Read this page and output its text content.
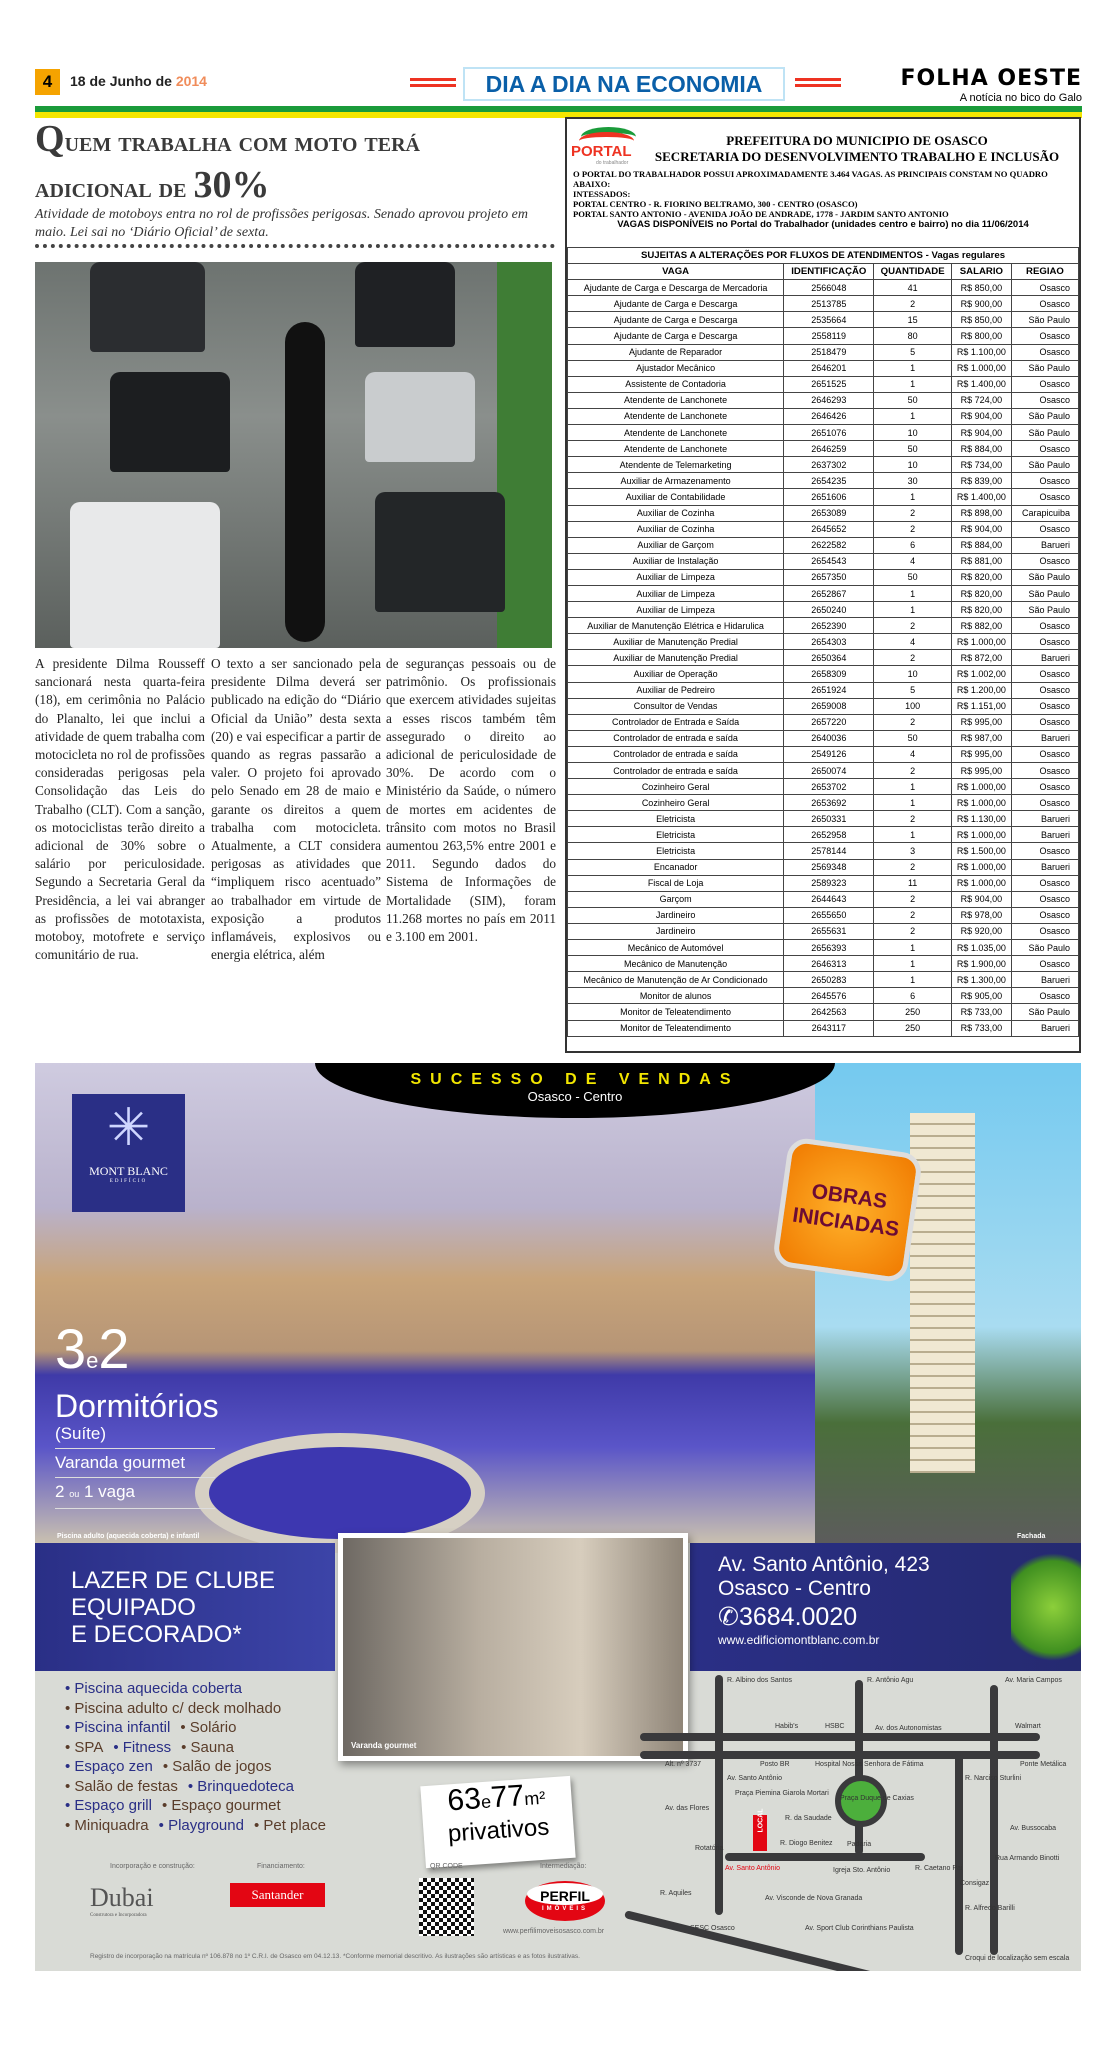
4	18 de Junho de 2014	DIA A DIA NA ECONOMIA	FOLHA OESTE
A notícia no bico do Galo
Quem trabalha com moto terá
adicional de 30%
Atividade de motoboys entra no rol de profissões perigosas. Senado aprovou projeto em maio. Lei sai no ‘Diário Oficial’ de sexta.
A presidente Dilma Rousseff sancionará nesta quarta-feira (18), em cerimônia no Palácio do Planalto, lei que inclui a atividade de quem trabalha com motocicleta no rol de profissões consideradas perigosas pela Consolidação das Leis do Trabalho (CLT). Com a sanção, os motociclistas terão direito a adicional de 30% sobre o salário por periculosidade. Segundo a Secretaria Geral da Presidência, a lei vai abranger as profissões de mototaxista, motoboy, motofrete e serviço comunitário de rua.
O texto a ser sancionado pela presidente Dilma deverá ser publicado na edição do “Diário Oficial da União” desta sexta (20) e vai especificar a partir de quando as regras passarão a valer. O projeto foi aprovado pelo Senado em 28 de maio e garante os direitos a quem trabalha com motocicleta. Atualmente, a CLT considera perigosas as atividades que “impliquem risco acentuado” ao trabalhador em virtude de exposição a produtos inflamáveis, explosivos ou energia elétrica, além
de seguranças pessoais ou de patrimônio. Os profissionais que exercem atividades sujeitas a esses riscos também têm assegurado o direito ao adicional de periculosidade de 30%. De acordo com o Ministério da Saúde, o número de mortes em acidentes de trânsito com motos no Brasil aumentou 263,5% entre 2001 e 2011. Segundo dados do Sistema de Informações de Mortalidade (SIM), foram 11.268 mortes no país em 2011 e 3.100 em 2001.
PORTAL
do trabalhador
PREFEITURA DO MUNICIPIO DE OSASCO
SECRETARIA DO DESENVOLVIMENTO TRABALHO E INCLUSÃO
O PORTAL DO TRABALHADOR POSSUI APROXIMADAMENTE 3.464 VAGAS. AS PRINCIPAIS CONSTAM NO QUADRO ABAIXO:
INTESSADOS:
PORTAL CENTRO - R. FIORINO BELTRAMO, 300 - CENTRO (OSASCO)
PORTAL SANTO ANTONIO - AVENIDA JOÃO DE ANDRADE, 1778 - JARDIM SANTO ANTONIO
VAGAS DISPONÍVEIS no Portal do Trabalhador (unidades centro e bairro) no dia 11/06/2014
SUJEITAS A ALTERAÇÕES POR FLUXOS DE ATENDIMENTOS - Vagas regulares				
VAGA	IDENTIFICAÇÃO	QUANTIDADE	SALARIO	REGIAO
Ajudante de Carga e Descarga de Mercadoria	2566048	41	R$ 850,00	Osasco
Ajudante de Carga e Descarga	2513785	2	R$ 900,00	Osasco
Ajudante de Carga e Descarga	2535664	15	R$ 850,00	São Paulo
Ajudante de Carga e Descarga	2558119	80	R$ 800,00	Osasco
Ajudante de Reparador	2518479	5	R$ 1.100,00	Osasco
Ajustador Mecânico	2646201	1	R$ 1.000,00	São Paulo
Assistente de Contadoria	2651525	1	R$ 1.400,00	Osasco
Atendente de Lanchonete	2646293	50	R$ 724,00	Osasco
Atendente de Lanchonete	2646426	1	R$ 904,00	São Paulo
Atendente de Lanchonete	2651076	10	R$ 904,00	São Paulo
Atendente de Lanchonete	2646259	50	R$ 884,00	Osasco
Atendente de Telemarketing	2637302	10	R$ 734,00	São Paulo
Auxiliar de Armazenamento	2654235	30	R$ 839,00	Osasco
Auxiliar de Contabilidade	2651606	1	R$ 1.400,00	Osasco
Auxiliar de Cozinha	2653089	2	R$ 898,00	Carapicuiba
Auxiliar de Cozinha	2645652	2	R$ 904,00	Osasco
Auxiliar de Garçom	2622582	6	R$ 884,00	Barueri
Auxiliar de Instalação	2654543	4	R$ 881,00	Osasco
Auxiliar de Limpeza	2657350	50	R$ 820,00	São Paulo
Auxiliar de Limpeza	2652867	1	R$ 820,00	São Paulo
Auxiliar de Limpeza	2650240	1	R$ 820,00	São Paulo
Auxiliar de Manutenção Elétrica e Hidarulica	2652390	2	R$ 882,00	Osasco
Auxiliar de Manutenção Predial	2654303	4	R$ 1.000,00	Osasco
Auxiliar de Manutenção Predial	2650364	2	R$ 872,00	Barueri
Auxiliar de Operação	2658309	10	R$ 1.002,00	Osasco
Auxiliar de Pedreiro	2651924	5	R$ 1.200,00	Osasco
Consultor de Vendas	2659008	100	R$ 1.151,00	Osasco
Controlador de Entrada e Saída	2657220	2	R$ 995,00	Osasco
Controlador de entrada e saída	2640036	50	R$ 987,00	Barueri
Controlador de entrada e saída	2549126	4	R$ 995,00	Osasco
Controlador de entrada e saída	2650074	2	R$ 995,00	Osasco
Cozinheiro Geral	2653702	1	R$ 1.000,00	Osasco
Cozinheiro Geral	2653692	1	R$ 1.000,00	Osasco
Eletricista	2650331	2	R$ 1.130,00	Barueri
Eletricista	2652958	1	R$ 1.000,00	Barueri
Eletricista	2578144	3	R$ 1.500,00	Osasco
Encanador	2569348	2	R$ 1.000,00	Barueri
Fiscal de Loja	2589323	11	R$ 1.000,00	Osasco
Garçom	2644643	2	R$ 904,00	Osasco
Jardineiro	2655650	2	R$ 978,00	Osasco
Jardineiro	2655631	2	R$ 920,00	Osasco
Mecânico de Automóvel	2656393	1	R$ 1.035,00	São Paulo
Mecânico de Manutenção	2646313	1	R$ 1.900,00	Osasco
Mecânico de Manutenção de Ar Condicionado	2650283	1	R$ 1.300,00	Barueri
Monitor de alunos	2645576	6	R$ 905,00	Osasco
Monitor de Teleatendimento	2642563	250	R$ 733,00	São Paulo
Monitor de Teleatendimento	2643117	250	R$ 733,00	Barueri
SUCESSO DE VENDAS
Osasco - Centro
✳
MONT BLANC
EDIFÍCIO	OBRAS
INICIADAS
3e2
Dormitórios
(Suíte)
Varanda gourmet
2 ou 1 vaga
Piscina adulto (aquecida coberta) e infantil	Fachada
LAZER DE CLUBE
EQUIPADO
E DECORADO*
Av. Santo Antônio, 423
Osasco - Centro
✆3684.0020
www.edificiomontblanc.com.br
Varanda gourmet
• Piscina aquecida coberta
• Piscina adulto c/ deck molhado
• Piscina infantil • Solário
• SPA • Fitness • Sauna
• Espaço zen • Salão de jogos
• Salão de festas • Brinquedoteca
• Espaço grill • Espaço gourmet
• Miniquadra • Playground • Pet place
63e77m²
privativos
Av. dos Autonomistas
R. Albino dos Santos
Habib's	HSBC
R. Antônio Agu	Av. Maria Campos
Walmart
Alt. nº 3737	Posto BR
Av. Santo Antônio
Hospital Nossa Senhora de Fátima	Ponte Metálica
Praça Duque de Caxias
Av. das Flores
Praça Piemina Giarola Mortari
R. da Saudade
R. Narciso Sturlini
Rotatória
LOCAL
R. Diogo Benitez Padaria
Rua Armando Binotti
Av. Bussocaba
Av. Santo Antônio	Igreja Sto. Antônio	R. Caetano Pai
Av. Visconde de Nova Granada
Av. Sport Club Corinthians Paulista
SESC Osasco
R. Aquiles
R. Alfredo Barilli
Consigaz
Croqui de localização sem escala
Incorporação e construção:
Dubai
Construtora e Incorporadora
Financiamento:
Santander
QR CODE	Intermediação:
PERFIL
IMÓVEIS
www.perfilimoveisosasco.com.br
Registro de incorporação na matrícula nº 106.878 no 1º C.R.I. de Osasco em 04.12.13. *Conforme memorial descritivo. As ilustrações são artísticas e as fotos ilustrativas.
